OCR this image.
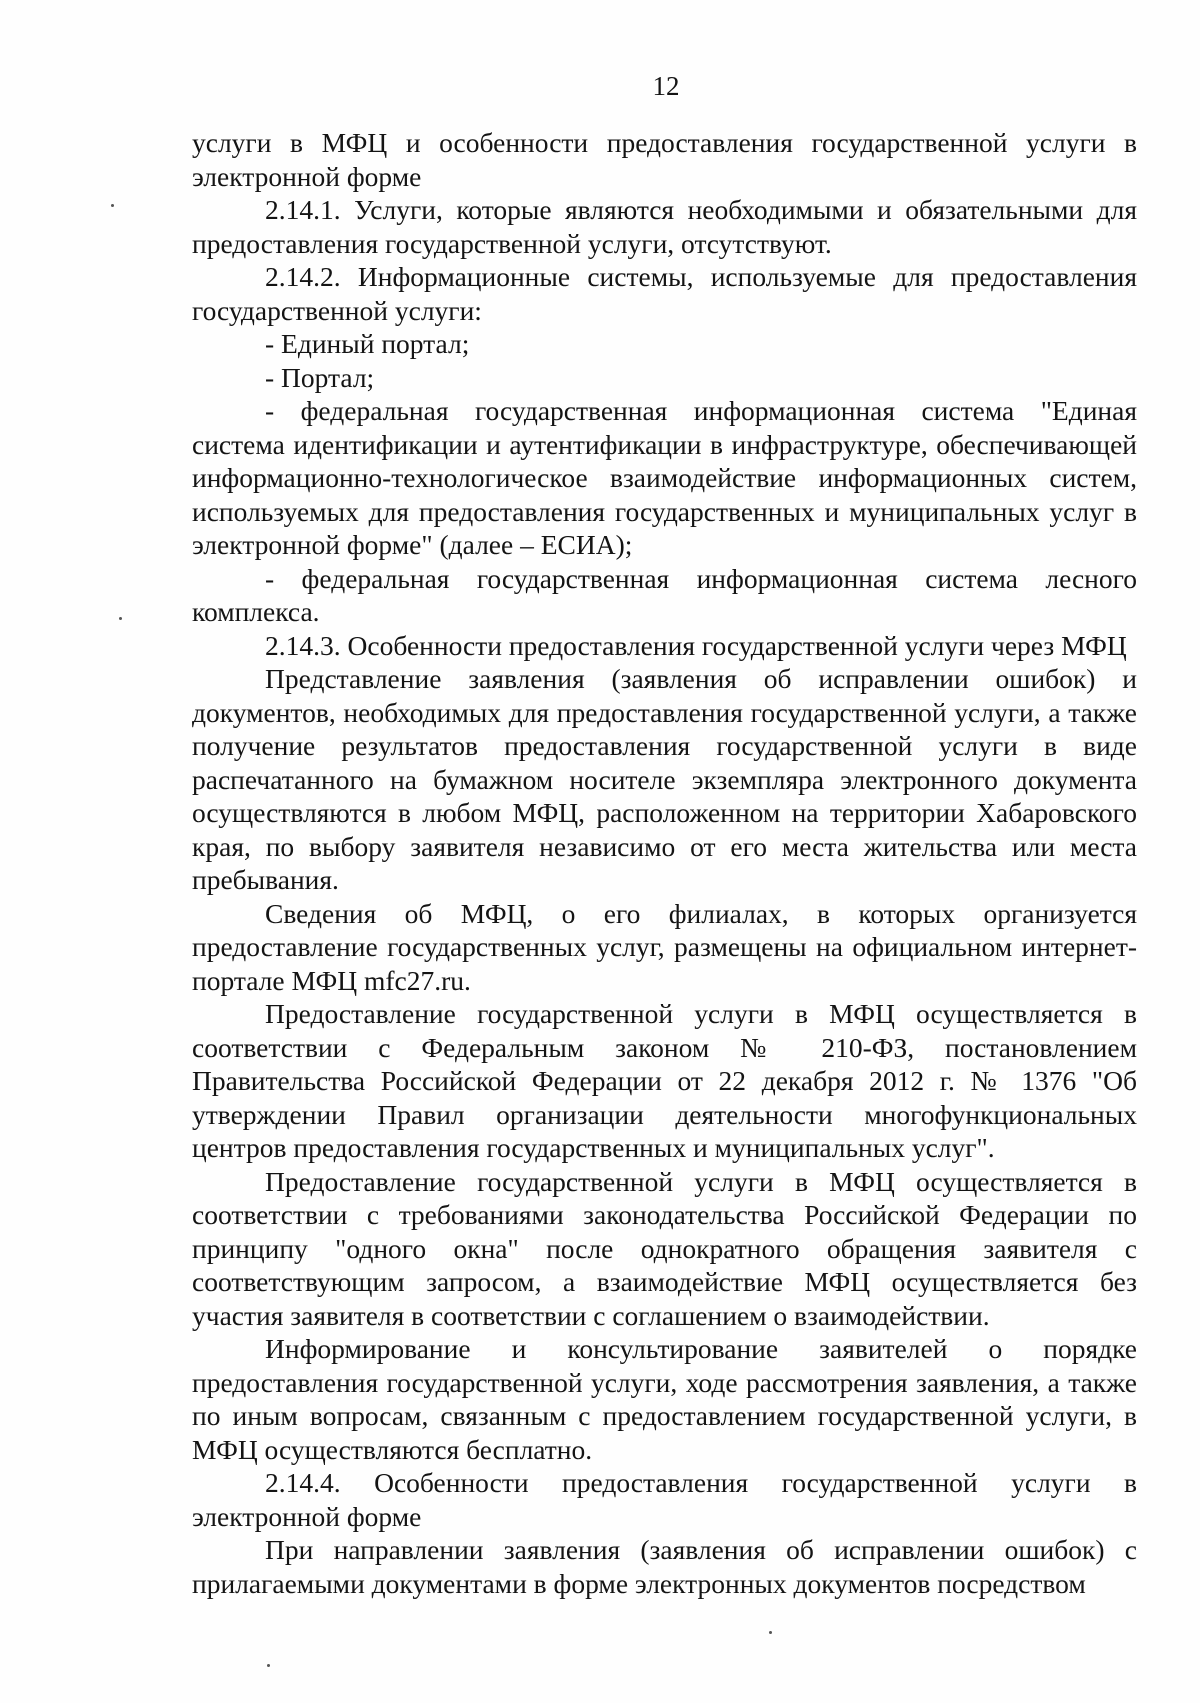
12

услуги в МФЦ и особенности предоставления государственной услуги в электронной форме

2.14.1. Услуги, которые являются необходимыми и обязательными для предоставления государственной услуги, отсутствуют.

2.14.2. Информационные системы, используемые для предоставления государственной услуги:

- Единый портал;

- Портал;

- федеральная государственная информационная система "Единая система идентификации и аутентификации в инфраструктуре, обеспечивающей информационно-технологическое взаимодействие информационных систем, используемых для предоставления государственных и муниципальных услуг в электронной форме" (далее – ЕСИА);

- федеральная государственная информационная система лесного комплекса.

2.14.3. Особенности предоставления государственной услуги через МФЦ

Представление заявления (заявления об исправлении ошибок) и документов, необходимых для предоставления государственной услуги, а также получение результатов предоставления государственной услуги в виде распечатанного на бумажном носителе экземпляра электронного документа осуществляются в любом МФЦ, расположенном на территории Хабаровского края, по выбору заявителя независимо от его места жительства или места пребывания.

Сведения об МФЦ, о его филиалах, в которых организуется предоставление государственных услуг, размещены на официальном интернет-портале МФЦ mfc27.ru.

Предоставление государственной услуги в МФЦ осуществляется в соответствии с Федеральным законом № 210-ФЗ, постановлением Правительства Российской Федерации от 22 декабря 2012 г. № 1376 "Об утверждении Правил организации деятельности многофункциональных центров предоставления государственных и муниципальных услуг".

Предоставление государственной услуги в МФЦ осуществляется в соответствии с требованиями законодательства Российской Федерации по принципу "одного окна" после однократного обращения заявителя с соответствующим запросом, а взаимодействие МФЦ осуществляется без участия заявителя в соответствии с соглашением о взаимодействии.

Информирование и консультирование заявителей о порядке предоставления государственной услуги, ходе рассмотрения заявления, а также по иным вопросам, связанным с предоставлением государственной услуги, в МФЦ осуществляются бесплатно.

2.14.4. Особенности предоставления государственной услуги в электронной форме

При направлении заявления (заявления об исправлении ошибок) с прилагаемыми документами в форме электронных документов посредством
